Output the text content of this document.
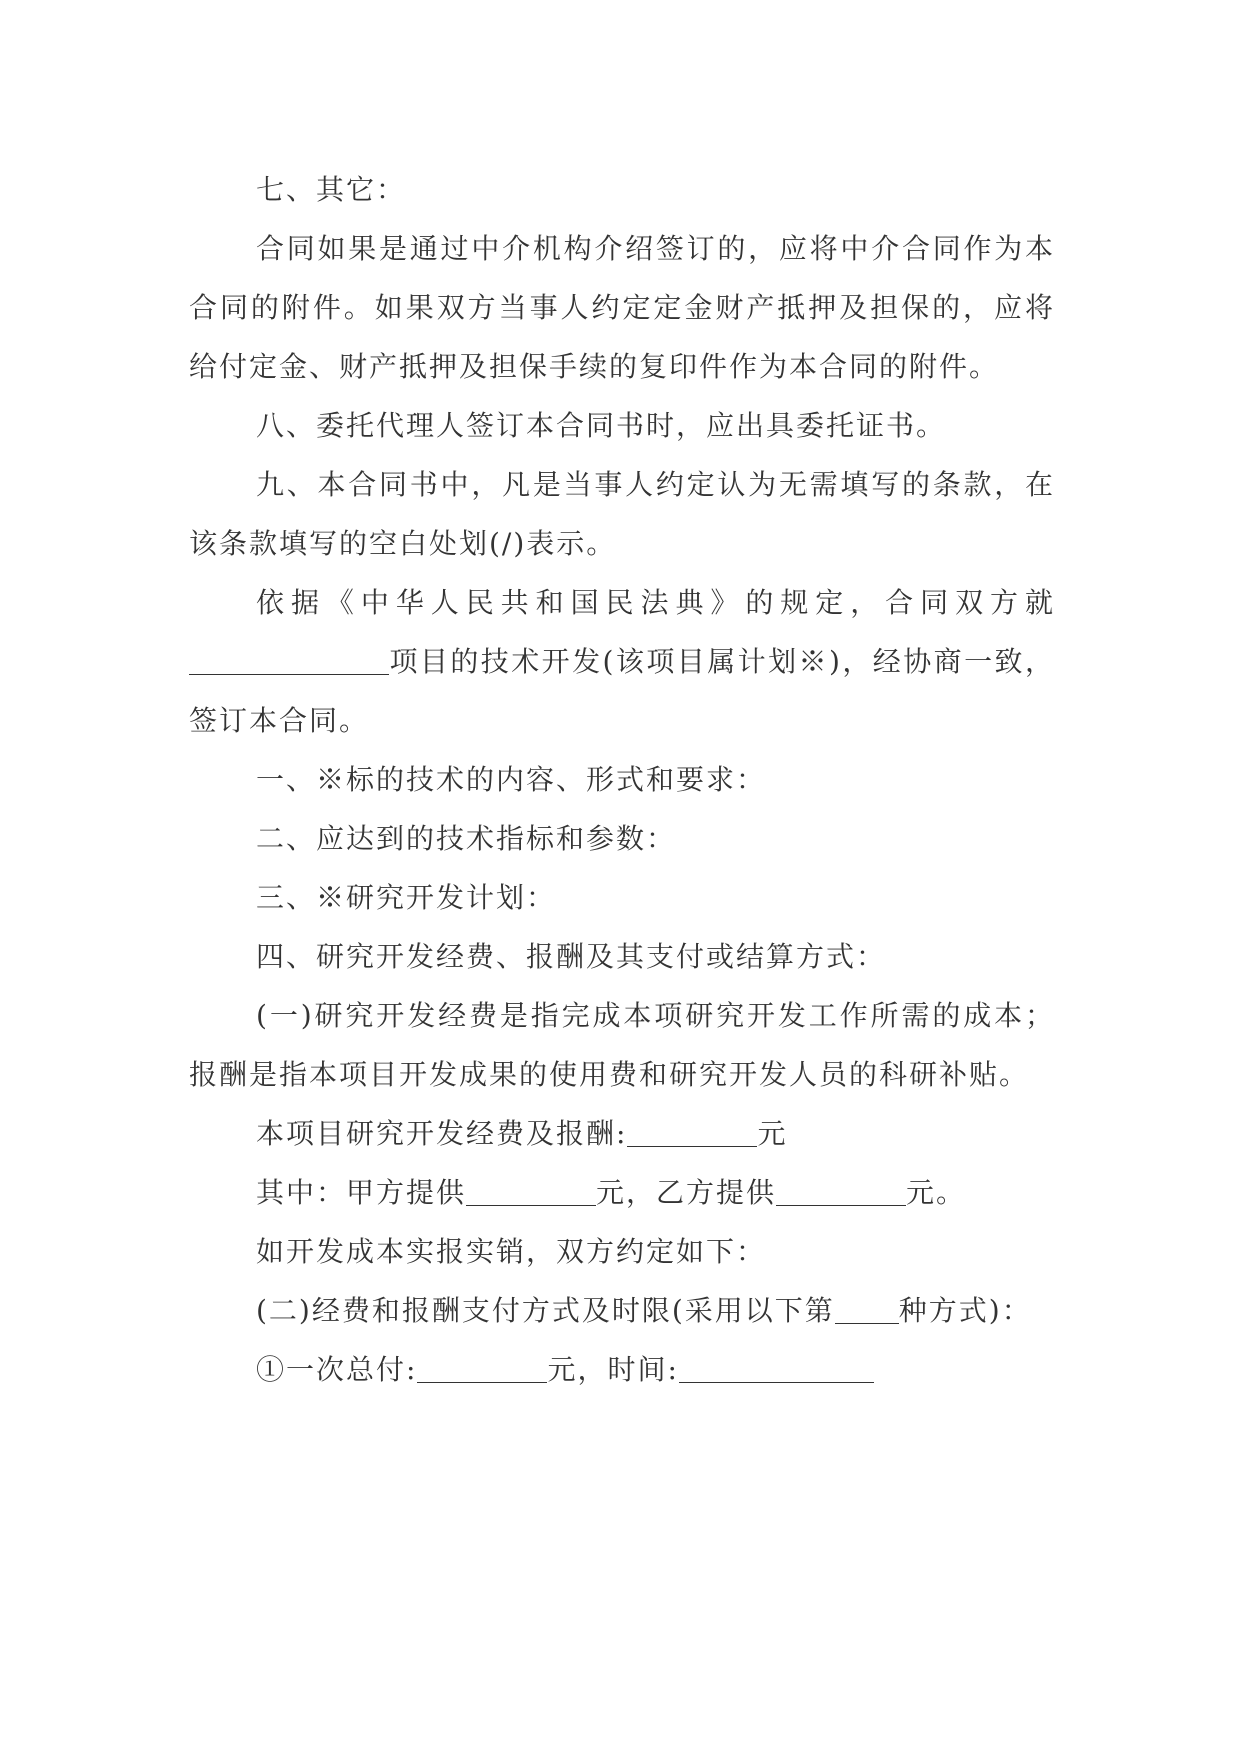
七、其它：

合同如果是通过中介机构介绍签订的，应将中介合同作为本合同的附件。如果双方当事人约定定金财产抵押及担保的，应将给付定金、财产抵押及担保手续的复印件作为本合同的附件。

八、委托代理人签订本合同书时，应出具委托证书。

九、本合同书中，凡是当事人约定认为无需填写的条款，在该条款填写的空白处划(/)表示。

依据《中华人民共和国民法典》的规定，合同双方就项目的技术开发(该项目属计划※)，经协商一致，签订本合同。

一、※标的技术的内容、形式和要求：

二、应达到的技术指标和参数：

三、※研究开发计划：

四、研究开发经费、报酬及其支付或结算方式：

(一)研究开发经费是指完成本项研究开发工作所需的成本；报酬是指本项目开发成果的使用费和研究开发人员的科研补贴。

本项目研究开发经费及报酬:	元

其中：甲方提供	元，乙方提供	元。

如开发成本实报实销，双方约定如下：

(二)经费和报酬支付方式及时限(采用以下第 种方式)：

①一次总付:	元，时间:
